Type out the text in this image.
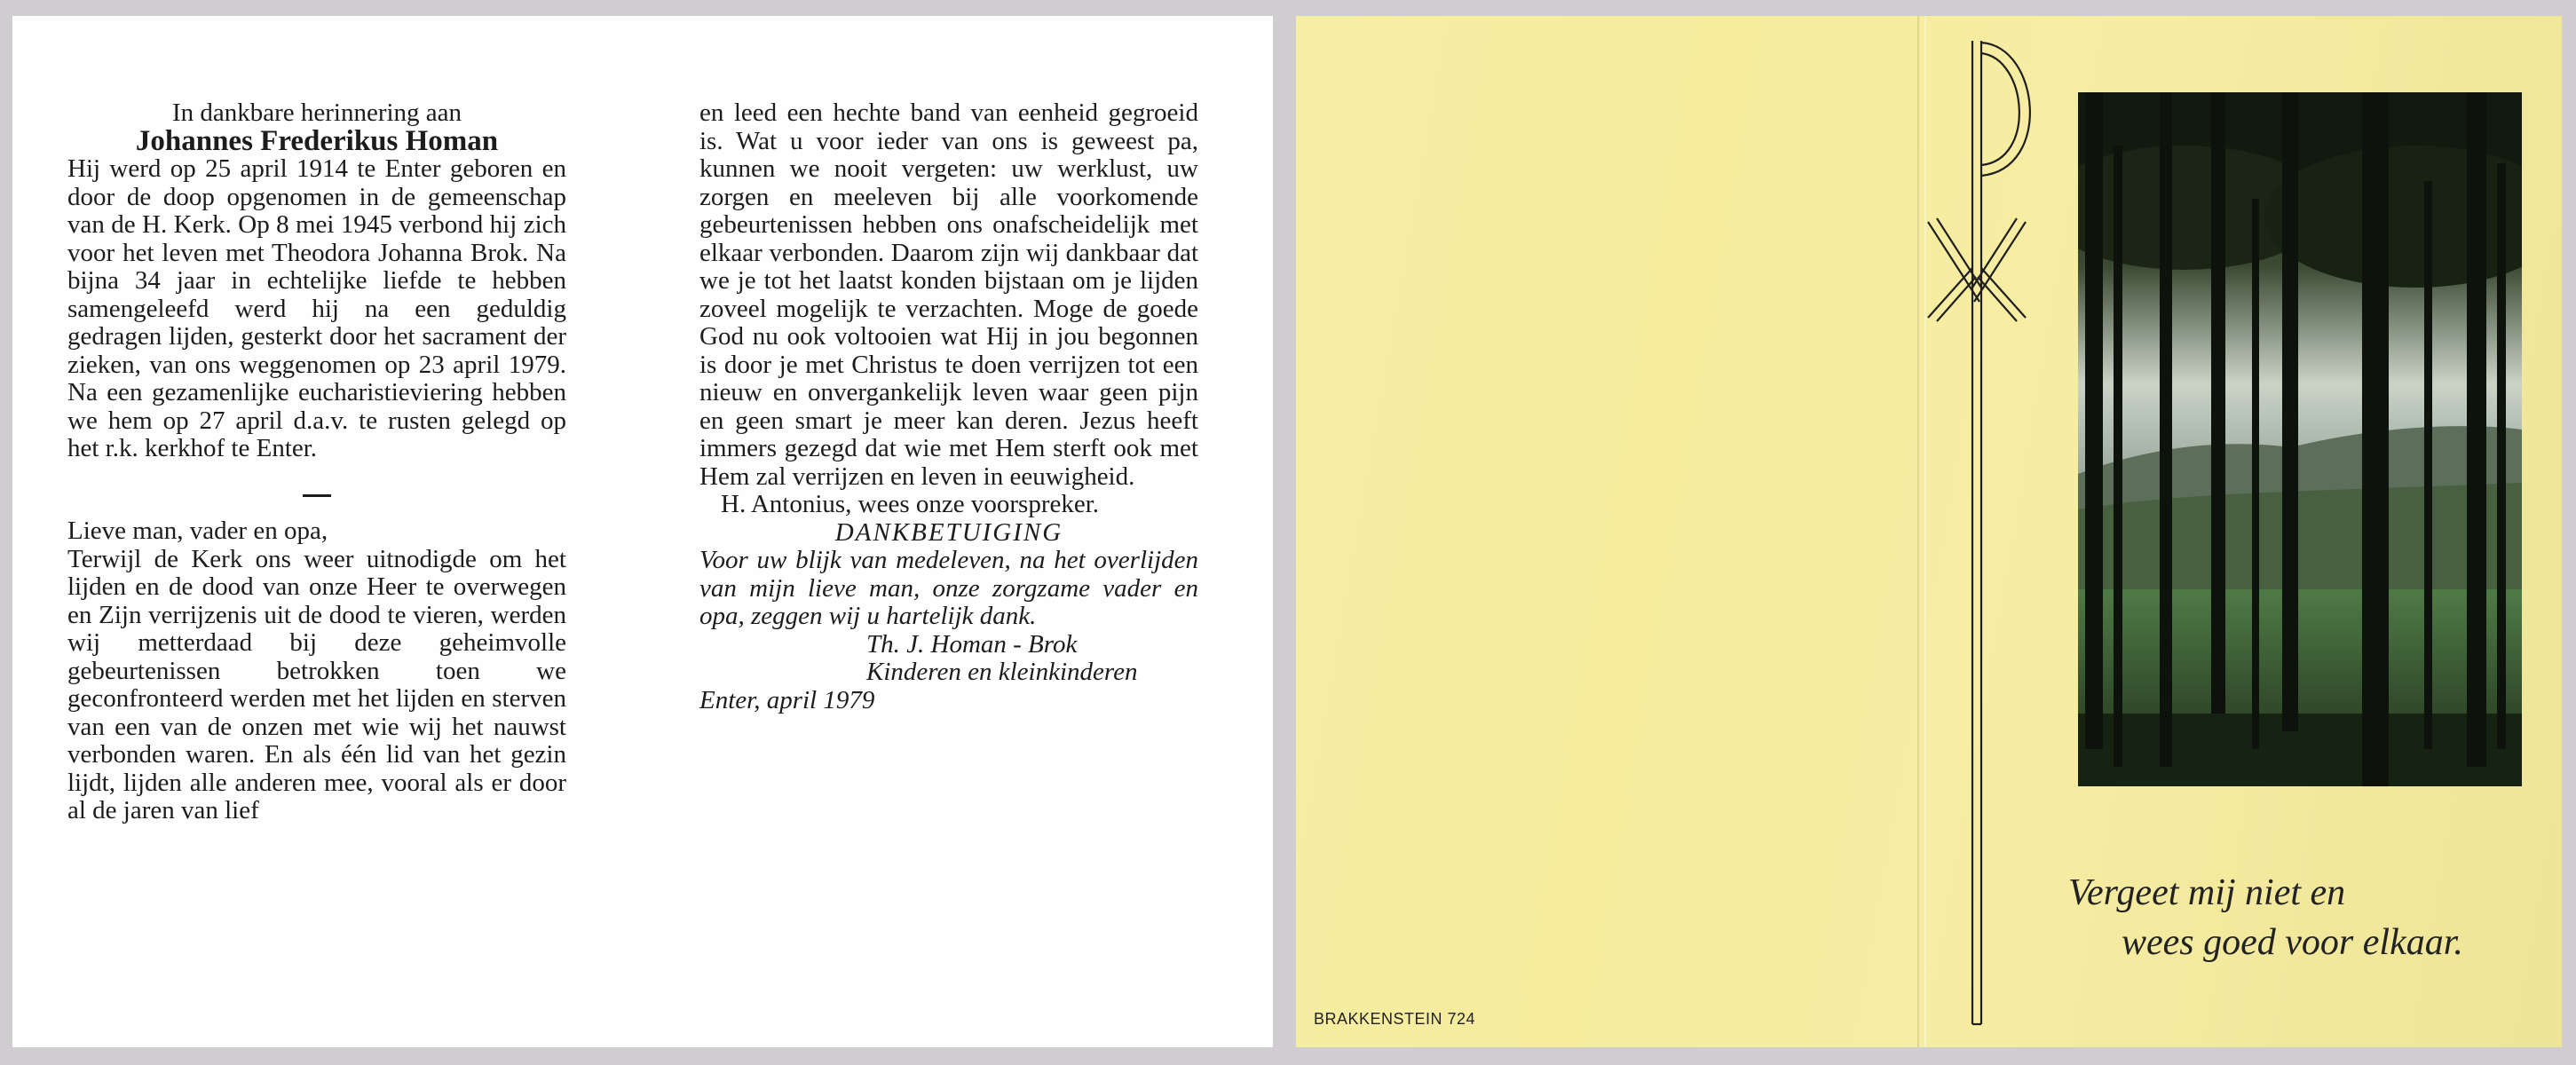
In dankbare herinnering aan

Johannes Frederikus Homan

Hij werd op 25 april 1914 te Enter geboren en door de doop opgenomen in de gemeenschap van de H. Kerk. Op 8 mei 1945 verbond hij zich voor het leven met Theodora Johanna Brok. Na bijna 34 jaar in echtelijke liefde te hebben samengeleefd werd hij na een geduldig gedragen lijden, gesterkt door het sacrament der zieken, van ons weggenomen op 23 april 1979. Na een gezamenlijke eucharistieviering hebben we hem op 27 april d.a.v. te rusten gelegd op het r.k. kerkhof te Enter.

Lieve man, vader en opa,

Terwijl de Kerk ons weer uitnodigde om het lijden en de dood van onze Heer te overwegen en Zijn verrijzenis uit de dood te vieren, werden wij metterdaad bij deze geheimvolle gebeurtenissen betrokken toen we geconfronteerd werden met het lijden en sterven van een van de onzen met wie wij het nauwst verbonden waren. En als één lid van het gezin lijdt, lijden alle anderen mee, vooral als er door al de jaren van lief

en leed een hechte band van eenheid gegroeid is. Wat u voor ieder van ons is geweest pa, kunnen we nooit vergeten: uw werklust, uw zorgen en meeleven bij alle voorkomende gebeurtenissen hebben ons onafscheidelijk met elkaar verbonden. Daarom zijn wij dankbaar dat we je tot het laatst konden bijstaan om je lijden zoveel mogelijk te verzachten. Moge de goede God nu ook voltooien wat Hij in jou begonnen is door je met Christus te doen verrijzen tot een nieuw en onvergankelijk leven waar geen pijn en geen smart je meer kan deren. Jezus heeft immers gezegd dat wie met Hem sterft ook met Hem zal verrijzen en leven in eeuwigheid.

H. Antonius, wees onze voorspreker.

DANKBETUIGING

Voor uw blijk van medeleven, na het overlijden van mijn lieve man, onze zorgzame vader en opa, zeggen wij u hartelijk dank.

Th. J. Homan - Brok

Kinderen en kleinkinderen

Enter, april 1979

Vergeet mij niet en
wees goed voor elkaar.
BRAKKENSTEIN 724
